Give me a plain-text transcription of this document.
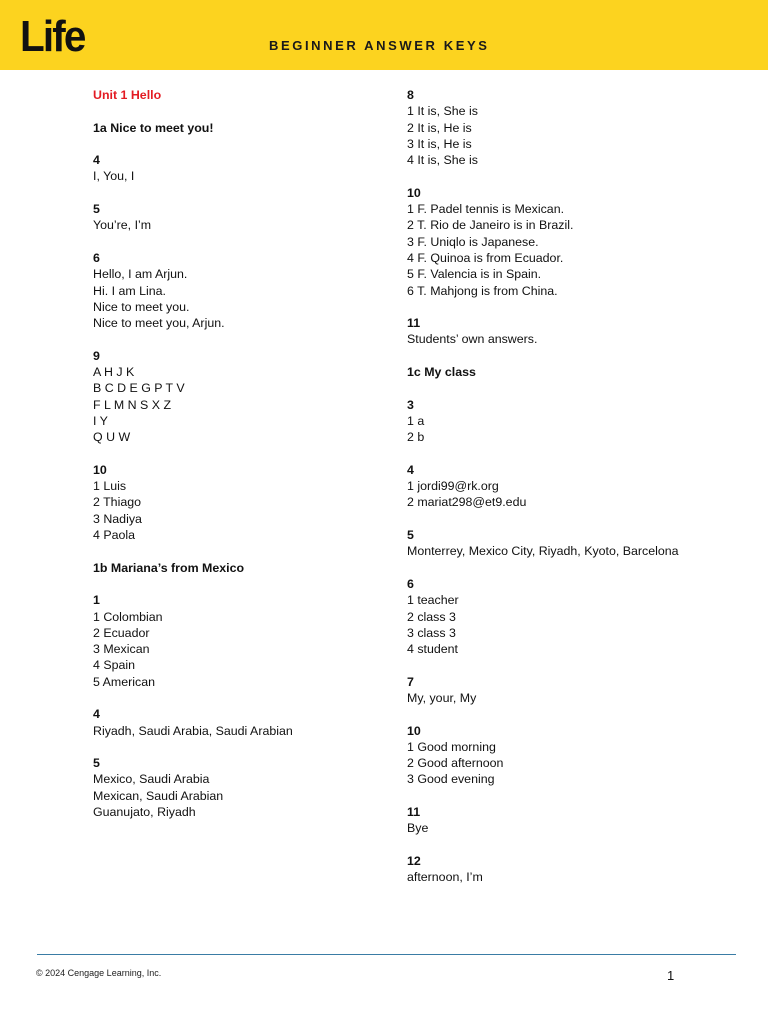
Life	BEGINNER ANSWER KEYS
Unit 1 Hello
1a Nice to meet you!
4
I, You, I
5
You’re, I’m
6
Hello, I am Arjun.
Hi. I am Lina.
Nice to meet you.
Nice to meet you, Arjun.
9
A H J K
B C D E G P T V
F L M N S X Z
I Y
Q U W
10
1 Luis
2 Thiago
3 Nadiya
4 Paola
1b Mariana’s from Mexico
1
1 Colombian
2 Ecuador
3 Mexican
4 Spain
5 American
4
Riyadh, Saudi Arabia, Saudi Arabian
5
Mexico, Saudi Arabia
Mexican, Saudi Arabian
Guanujato, Riyadh
8
1 It is, She is
2 It is, He is
3 It is, He is
4 It is, She is
10
1 F. Padel tennis is Mexican.
2 T. Rio de Janeiro is in Brazil.
3 F. Uniqlo is Japanese.
4 F. Quinoa is from Ecuador.
5 F. Valencia is in Spain.
6 T. Mahjong is from China.
11
Students’ own answers.
1c My class
3
1 a
2 b
4
1 jordi99@rk.org
2 mariat298@et9.edu
5
Monterrey, Mexico City, Riyadh, Kyoto, Barcelona
6
1 teacher
2 class 3
3 class 3
4 student
7
My, your, My
10
1 Good morning
2 Good afternoon
3 Good evening
11
Bye
12
afternoon, I’m
© 2024 Cengage Learning, Inc.	1
